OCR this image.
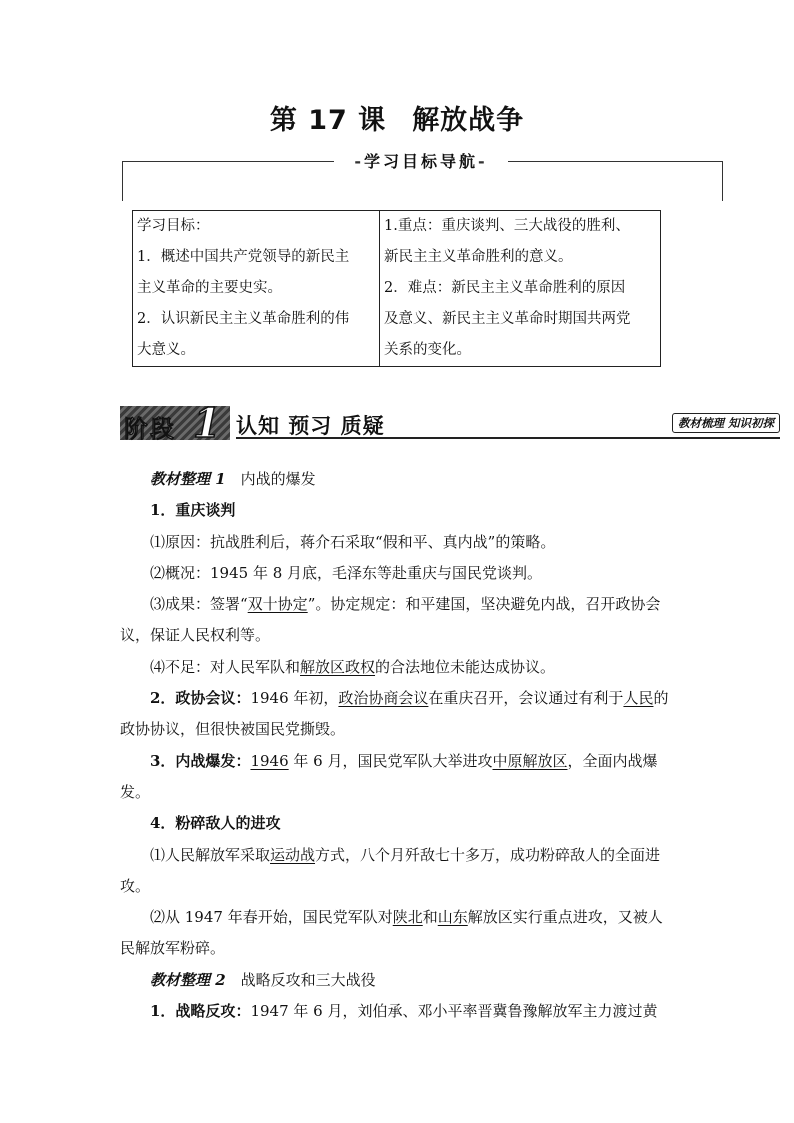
第 17 课 解放战争
‑ 学习目标导航 ‑
学习目标：
1．概述中国共产党领导的新民主
主义革命的主要史实。
2．认识新民主主义革命胜利的伟
大意义。

1.重点：重庆谈判、三大战役的胜利、
新民主主义革命胜利的意义。
2．难点：新民主主义革命胜利的原因
及意义、新民主主义革命时期国共两党
关系的变化。
阶段 1 认知 预习 质疑	教材梳理 知识初探

教材整理 1　内战的爆发

1．重庆谈判

⑴原因：抗战胜利后，蒋介石采取“假和平、真内战”的策略。

⑵概况：1945 年 8 月底，毛泽东等赴重庆与国民党谈判。

⑶成果：签署“双十协定”。协定规定：和平建国，坚决避免内战，召开政协会议，保证人民权利等。

⑷不足：对人民军队和解放区政权的合法地位未能达成协议。

2．政协会议：1946 年初，政治协商会议在重庆召开，会议通过有利于人民的政协协议，但很快被国民党撕毁。

3．内战爆发：1946 年 6 月，国民党军队大举进攻中原解放区，全面内战爆发。

4．粉碎敌人的进攻

⑴人民解放军采取运动战方式，八个月歼敌七十多万，成功粉碎敌人的全面进攻。

⑵从 1947 年春开始，国民党军队对陕北和山东解放区实行重点进攻，又被人民解放军粉碎。

教材整理 2　战略反攻和三大战役

1．战略反攻：1947 年 6 月，刘伯承、邓小平率晋冀鲁豫解放军主力渡过黄
